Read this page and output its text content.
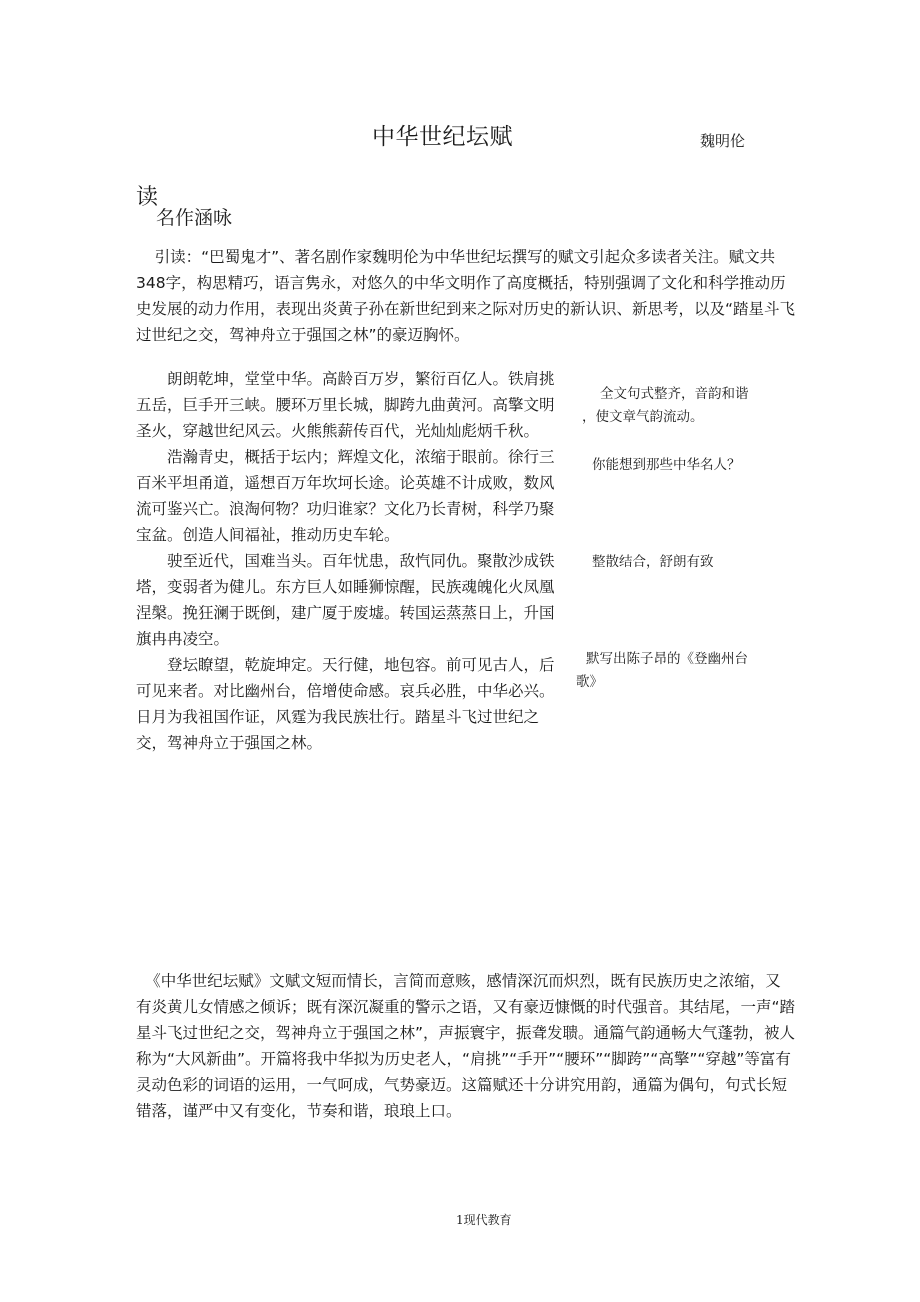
中华世纪坛赋	魏明伦
读
名作涵咏

引读：“巴蜀鬼才”、著名剧作家魏明伦为中华世纪坛撰写的赋文引起众多读者关注。赋文共348字，构思精巧，语言隽永，对悠久的中华文明作了高度概括，特别强调了文化和科学推动历史发展的动力作用，表现出炎黄子孙在新世纪到来之际对历史的新认识、新思考，以及“踏星斗飞过世纪之交，驾神舟立于强国之林”的豪迈胸怀。

朗朗乾坤，堂堂中华。高龄百万岁，繁衍百亿人。铁肩挑五岳，巨手开三峡。腰环万里长城，脚跨九曲黄河。高擎文明圣火，穿越世纪风云。火熊熊薪传百代，光灿灿彪炳千秋。

浩瀚青史，概括于坛内；辉煌文化，浓缩于眼前。徐行三百米平坦甬道，遥想百万年坎坷长途。论英雄不计成败，数风流可鉴兴亡。浪淘何物？功归谁家？文化乃长青树，科学乃聚宝盆。创造人间福祉，推动历史车轮。

驶至近代，国难当头。百年忧患，敌忾同仇。聚散沙成铁塔，变弱者为健儿。东方巨人如睡狮惊醒，民族魂魄化火凤凰涅槃。挽狂澜于既倒，建广厦于废墟。转国运蒸蒸日上，升国旗冉冉凌空。

登坛瞭望，乾旋坤定。天行健，地包容。前可见古人，后可见来者。对比幽州台，倍增使命感。哀兵必胜，中华必兴。日月为我祖国作证，风霆为我民族壮行。踏星斗飞过世纪之交，驾神舟立于强国之林。

全文句式整齐，音韵和谐
，使文章气韵流动。
你能想到那些中华名人？
整散结合，舒朗有致
默写出陈子昂的《登幽州台
歌》

《中华世纪坛赋》文赋文短而情长，言简而意赅，感情深沉而炽烈，既有民族历史之浓缩，又有炎黄儿女情感之倾诉；既有深沉凝重的警示之语，又有豪迈慷慨的时代强音。其结尾，一声“踏星斗飞过世纪之交，驾神舟立于强国之林”，声振寰宇，振聋发聩。通篇气韵通畅大气蓬勃，被人称为“大风新曲”。开篇将我中华拟为历史老人，“肩挑”“手开”“腰环”“脚跨”“高擎”“穿越”等富有灵动色彩的词语的运用，一气呵成，气势豪迈。这篇赋还十分讲究用韵，通篇为偶句，句式长短错落，谨严中又有变化，节奏和谐，琅琅上口。

1现代教育
